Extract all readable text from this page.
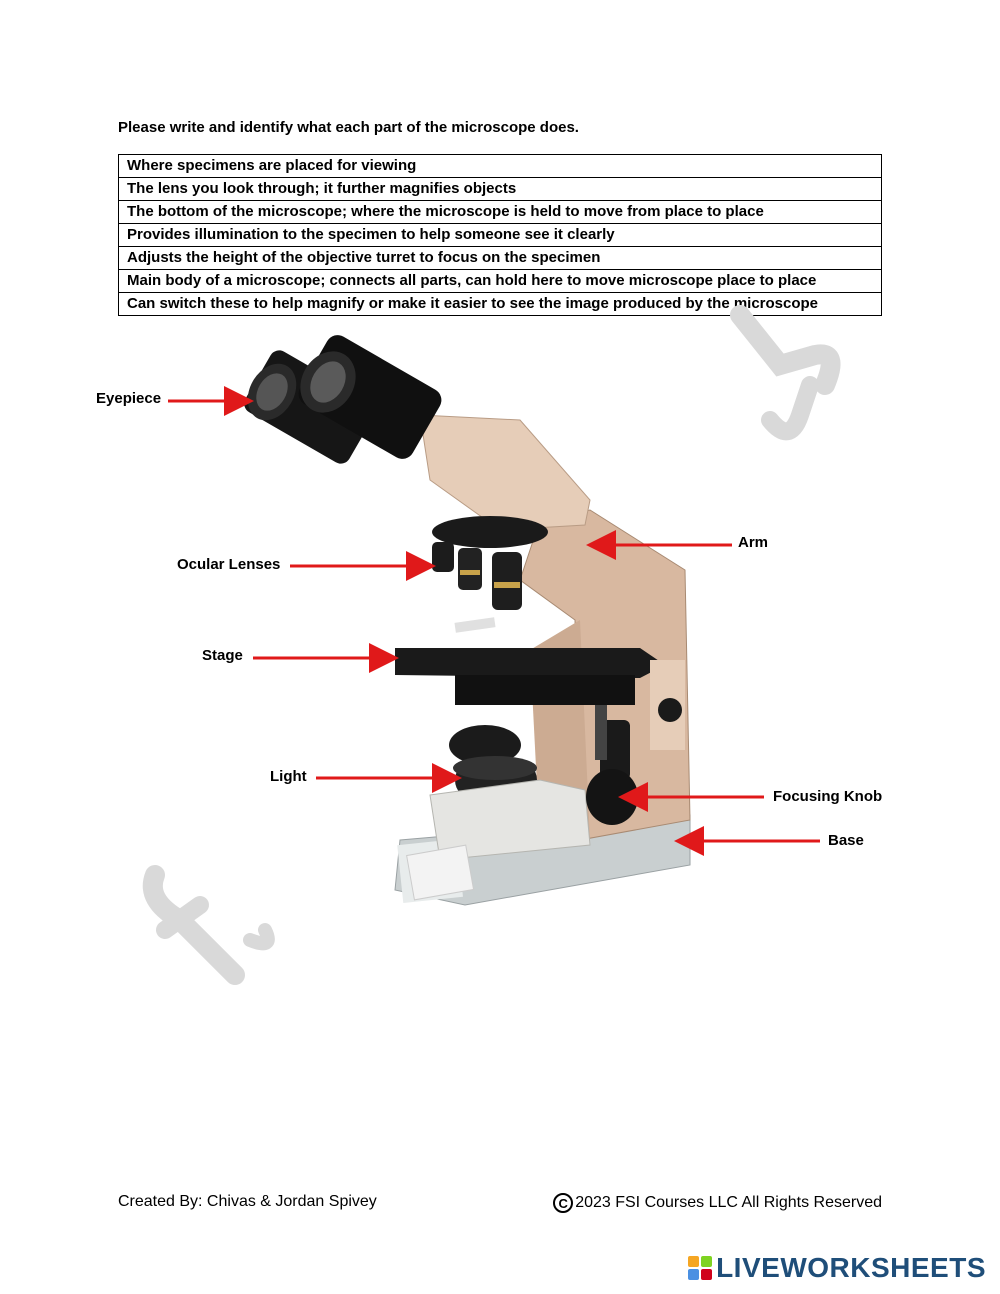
Please write and identify what each part of the microscope does.
Where specimens are placed for viewing
The lens you look through; it further magnifies objects
The bottom of the microscope; where the microscope is held to move from place to place
Provides illumination to the specimen to help someone see it clearly
Adjusts the height of the objective turret to focus on the specimen
Main body of a microscope; connects all parts, can hold here to move microscope place to place
Can switch these to help magnify or make it easier to see the image produced by the microscope
Eyepiece
Arm
Ocular Lenses
Stage
Light
Focusing Knob
Base
Created By: Chivas & Jordan Spivey	C 2023 FSI Courses LLC All Rights Reserved
LIVEWORKSHEETS
